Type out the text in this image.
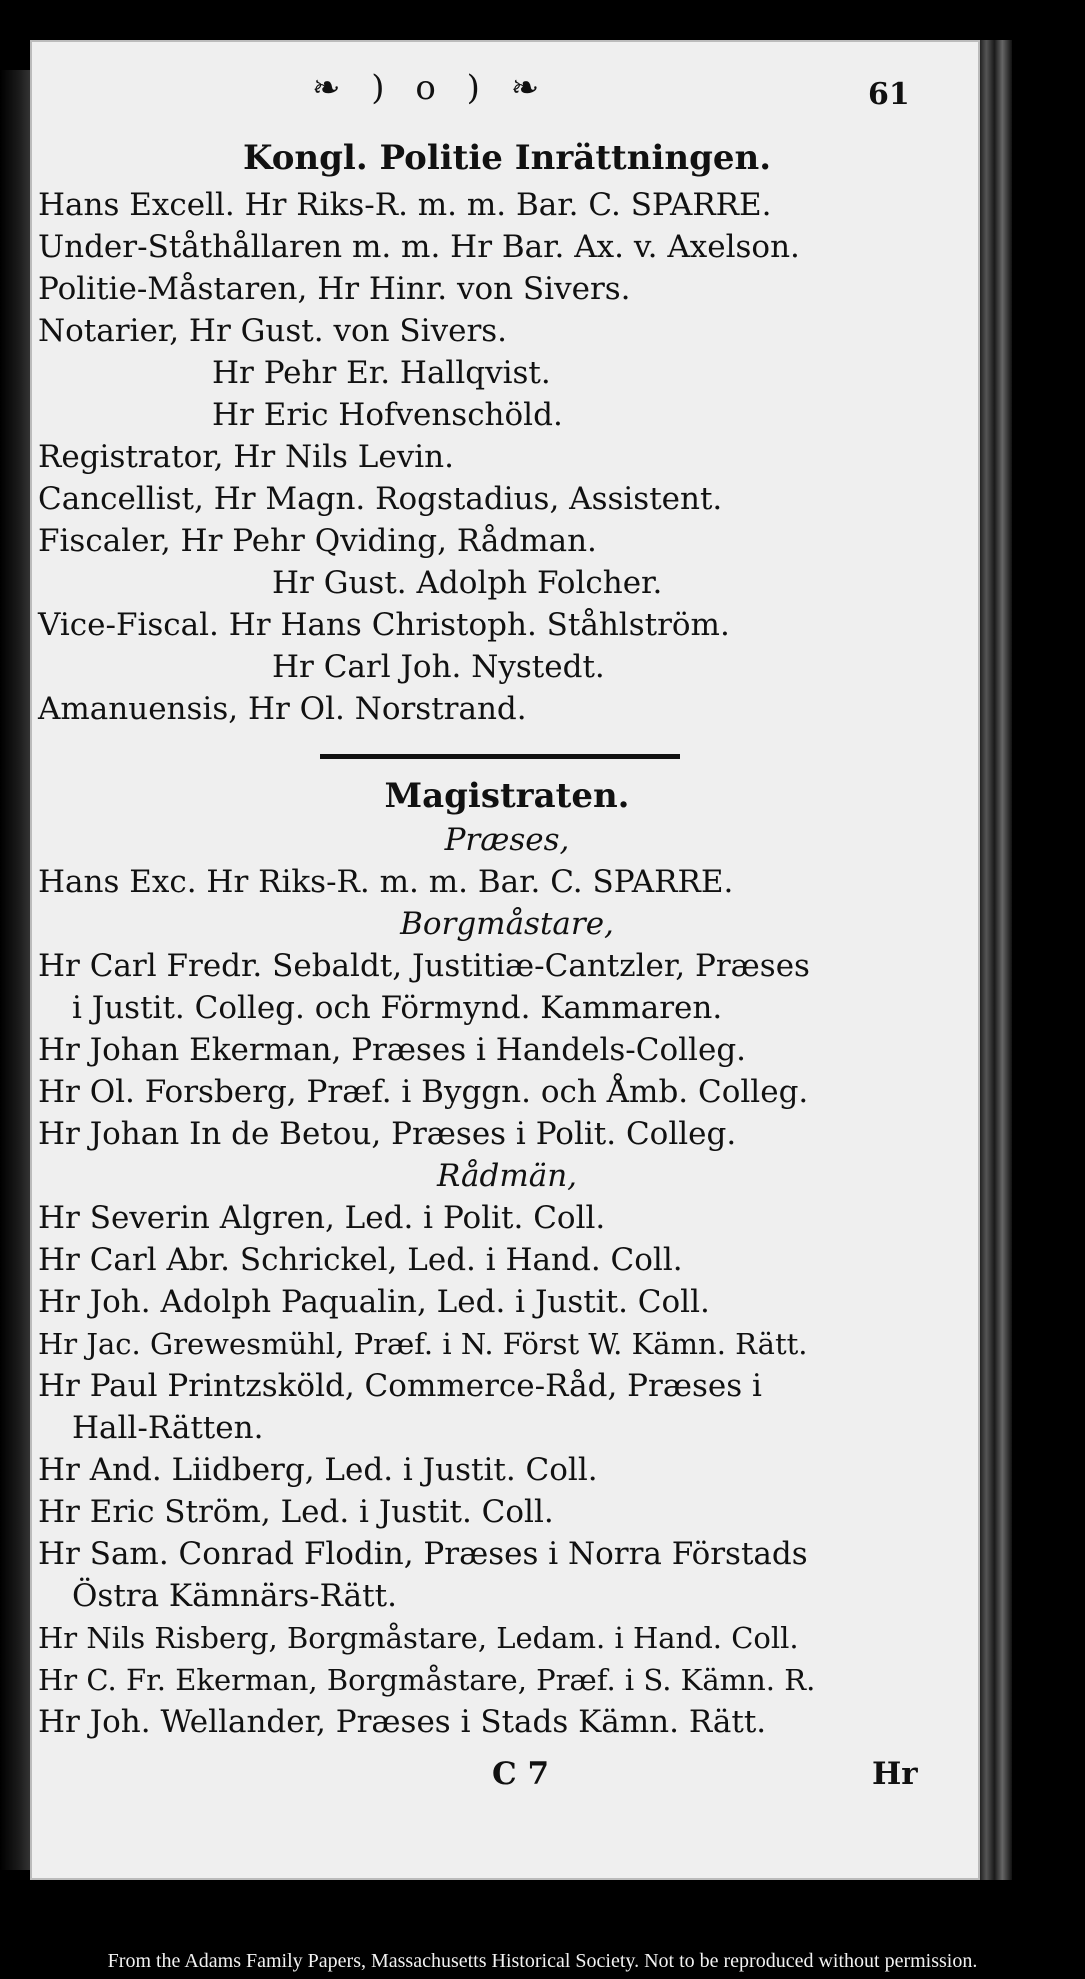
❧ ) o ) ❧	61
Kongl. Politie Inrättningen.
Hans Excell. Hr Riks-R. m. m. Bar. C. SPARRE.
Under-Ståthållaren m. m. Hr Bar. Ax. v. Axelson.
Politie-Måstaren, Hr Hinr. von Sivers.
Notarier, Hr Gust. von Sivers.
Hr Pehr Er. Hallqvist.
Hr Eric Hofvenschöld.
Registrator, Hr Nils Levin.
Cancellist, Hr Magn. Rogstadius, Assistent.
Fiscaler, Hr Pehr Qviding, Rådman.
Hr Gust. Adolph Folcher.
Vice-Fiscal. Hr Hans Christoph. Ståhlström.
Hr Carl Joh. Nystedt.
Amanuensis, Hr Ol. Norstrand.
Magistraten.
Præses,
Hans Exc. Hr Riks-R. m. m. Bar. C. SPARRE.
Borgmåstare,
Hr Carl Fredr. Sebaldt, Justitiæ-Cantzler, Præses
i Justit. Colleg. och Förmynd. Kammaren.
Hr Johan Ekerman, Præses i Handels-Colleg.
Hr Ol. Forsberg, Præf. i Byggn. och Åmb. Colleg.
Hr Johan In de Betou, Præses i Polit. Colleg.
Rådmän,
Hr Severin Algren, Led. i Polit. Coll.
Hr Carl Abr. Schrickel, Led. i Hand. Coll.
Hr Joh. Adolph Paqualin, Led. i Justit. Coll.
Hr Jac. Grewesmühl, Præf. i N. Först W. Kämn. Rätt.
Hr Paul Printzsköld, Commerce-Råd, Præses i
Hall-Rätten.
Hr And. Liidberg, Led. i Justit. Coll.
Hr Eric Ström, Led. i Justit. Coll.
Hr Sam. Conrad Flodin, Præses i Norra Förstads
Östra Kämnärs-Rätt.
Hr Nils Risberg, Borgmåstare, Ledam. i Hand. Coll.
Hr C. Fr. Ekerman, Borgmåstare, Præf. i S. Kämn. R.
Hr Joh. Wellander, Præses i Stads Kämn. Rätt.
C 7	Hr
From the Adams Family Papers, Massachusetts Historical Society. Not to be reproduced without permission.
